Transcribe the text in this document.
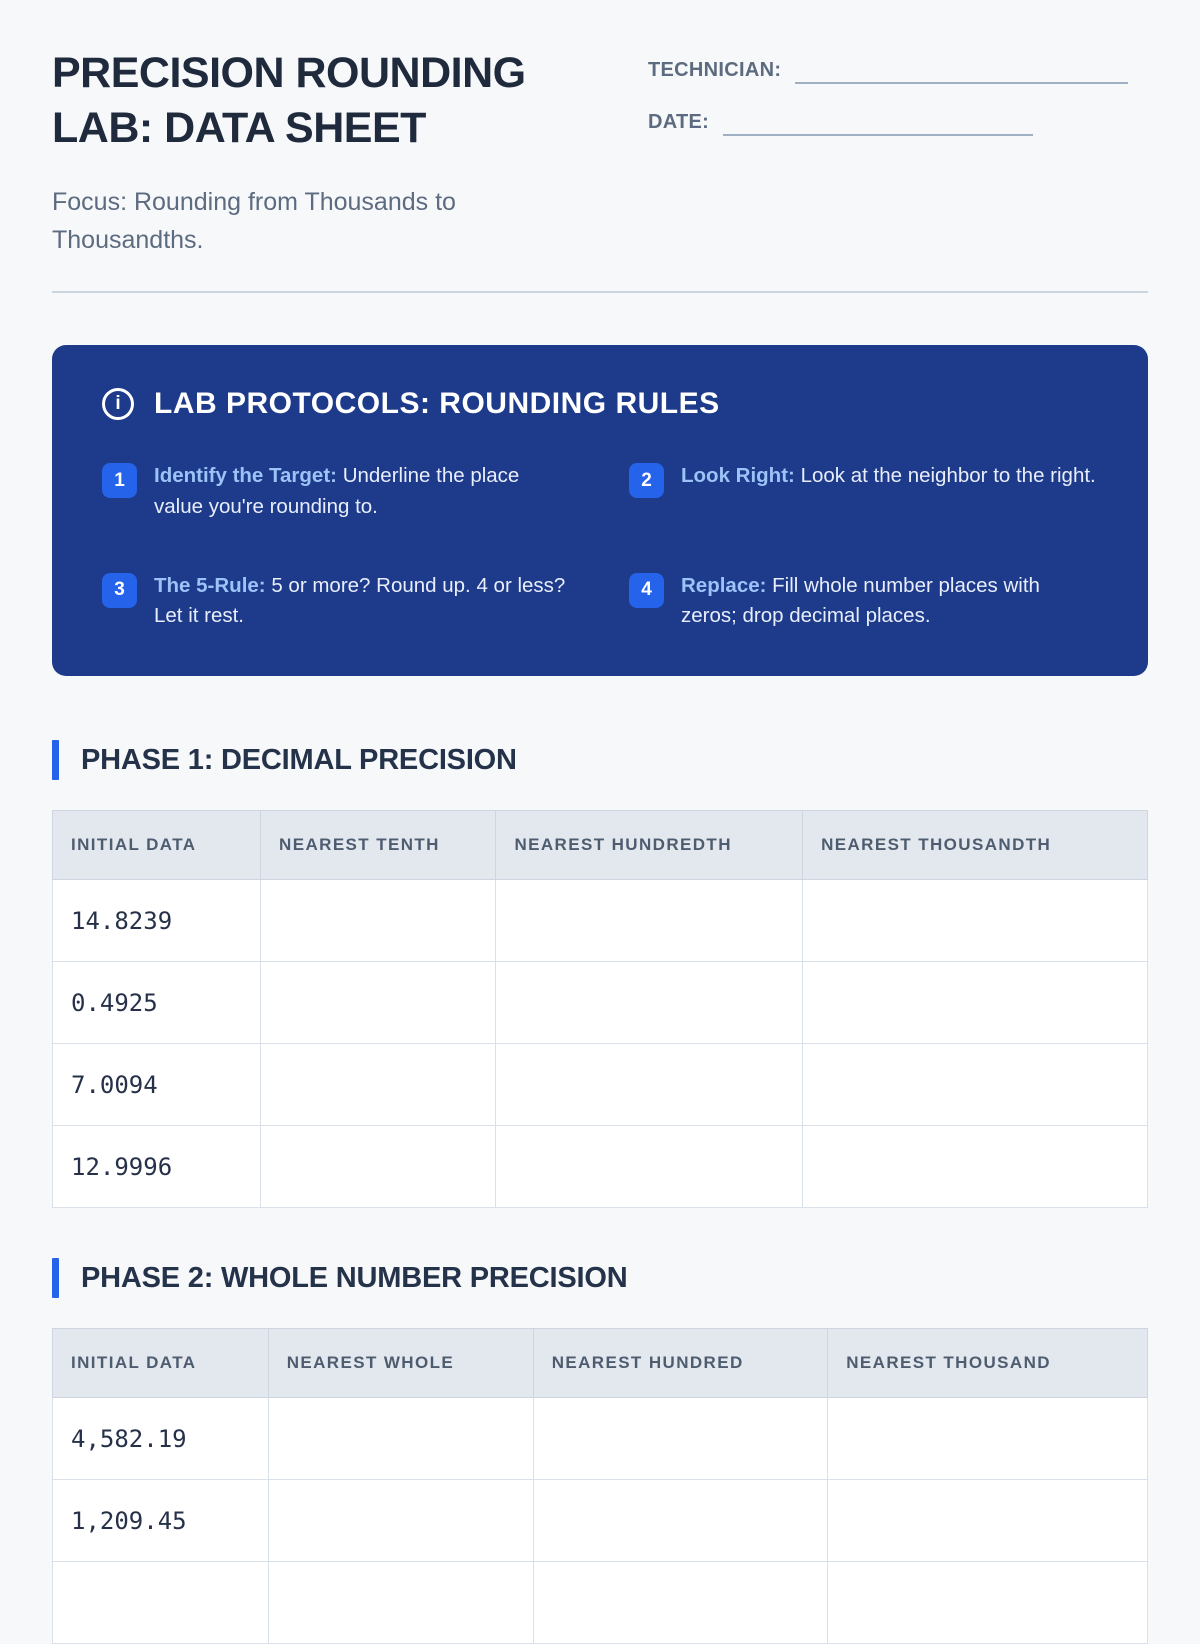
PRECISION ROUNDING LAB: DATA SHEET
TECHNICIAN:
DATE:

Focus: Rounding from Thousands to Thousandths.

i	LAB PROTOCOLS: ROUNDING RULES
1	Identify the Target: Underline the place value you're rounding to.
2	Look Right: Look at the neighbor to the right.
3	The 5-Rule: 5 or more? Round up. 4 or less? Let it rest.
4	Replace: Fill whole number places with zeros; drop decimal places.
PHASE 1: DECIMAL PRECISION
INITIAL DATA	NEAREST TENTH	NEAREST HUNDREDTH	NEAREST THOUSANDTH
14.8239			
0.4925			
7.0094			
12.9996			
PHASE 2: WHOLE NUMBER PRECISION
INITIAL DATA	NEAREST WHOLE	NEAREST HUNDRED	NEAREST THOUSAND
4,582.19			
1,209.45			
